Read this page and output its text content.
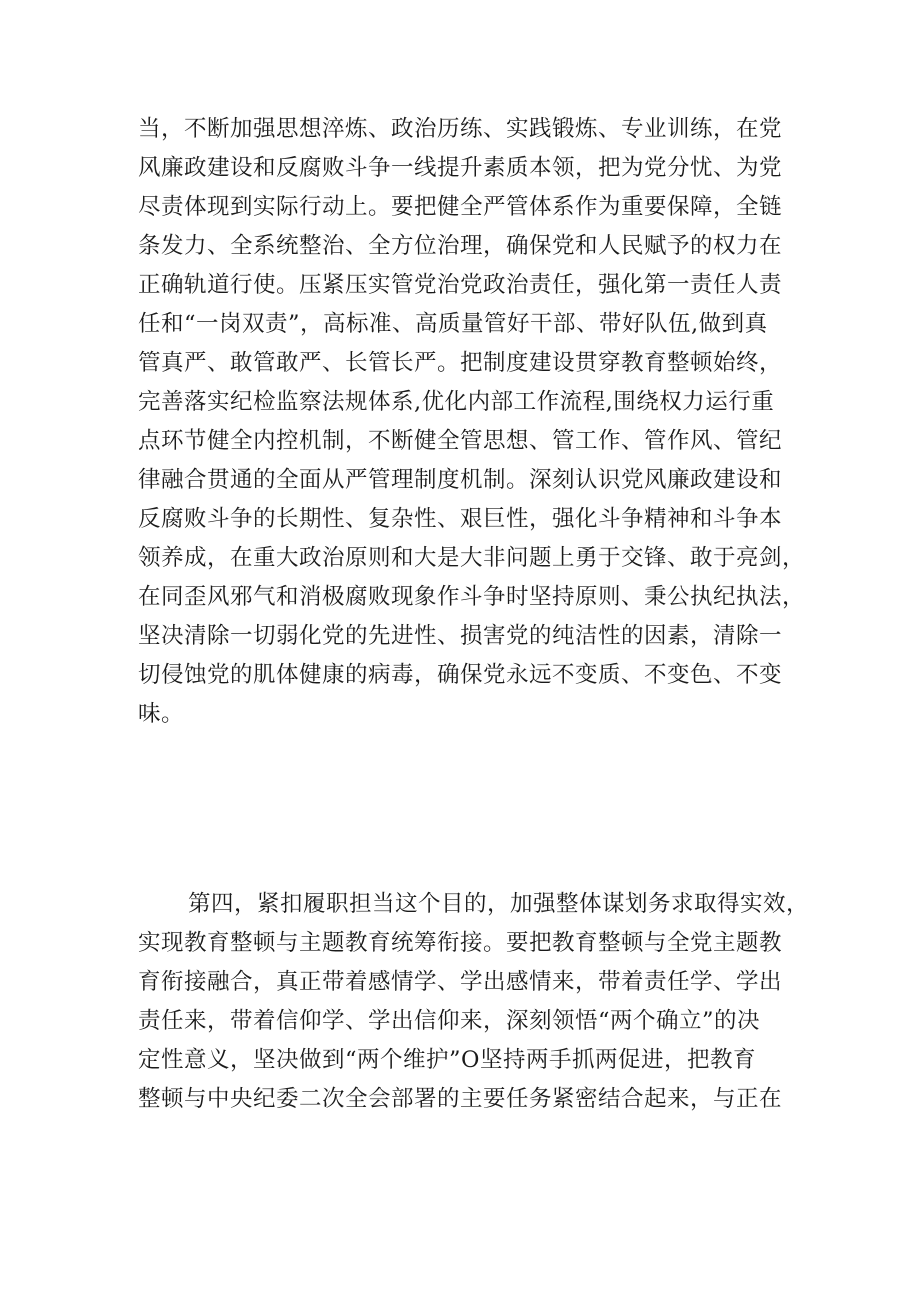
当，不断加强思想淬炼、政治历练、实践锻炼、专业训练，在党
风廉政建设和反腐败斗争一线提升素质本领，把为党分忧、为党
尽责体现到实际行动上。要把健全严管体系作为重要保障，全链
条发力、全系统整治、全方位治理，确保党和人民赋予的权力在
正确轨道行使。压紧压实管党治党政治责任，强化第一责任人责
任和“一岗双责”，高标准、高质量管好干部、带好队伍,做到真
管真严、敢管敢严、长管长严。把制度建设贯穿教育整顿始终，
完善落实纪检监察法规体系,优化内部工作流程,围绕权力运行重
点环节健全内控机制，不断健全管思想、管工作、管作风、管纪
律融合贯通的全面从严管理制度机制。深刻认识党风廉政建设和
反腐败斗争的长期性、复杂性、艰巨性，强化斗争精神和斗争本
领养成，在重大政治原则和大是大非问题上勇于交锋、敢于亮剑，
在同歪风邪气和消极腐败现象作斗争时坚持原则、秉公执纪执法，
坚决清除一切弱化党的先进性、损害党的纯洁性的因素，清除一
切侵蚀党的肌体健康的病毒，确保党永远不变质、不变色、不变
味。
第四，紧扣履职担当这个目的，加强整体谋划务求取得实效，
实现教育整顿与主题教育统筹衔接。要把教育整顿与全党主题教
育衔接融合，真正带着感情学、学出感情来，带着责任学、学出
责任来，带着信仰学、学出信仰来，深刻领悟“两个确立”的决
定性意义，坚决做到“两个维护”O坚持两手抓两促进，把教育
整顿与中央纪委二次全会部署的主要任务紧密结合起来，与正在
